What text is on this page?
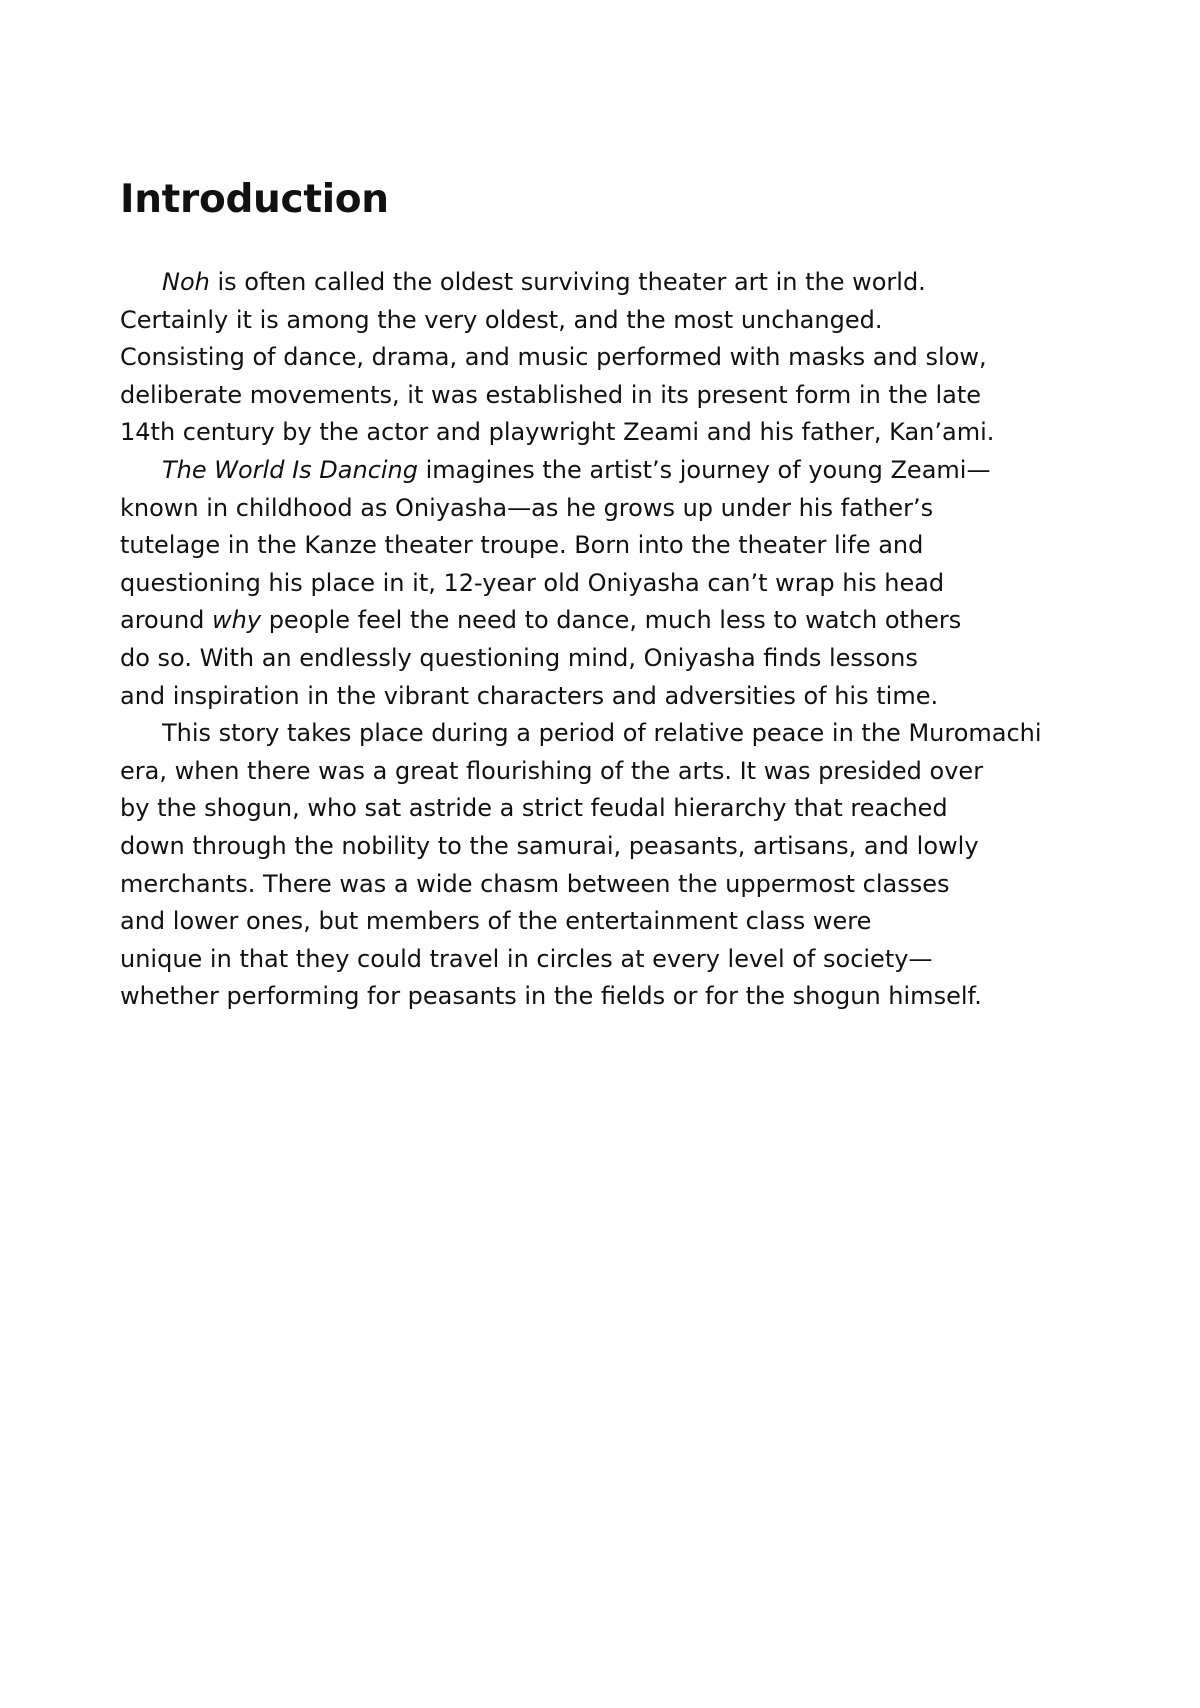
Introduction
Noh is often called the oldest surviving theater art in the world.
Certainly it is among the very oldest, and the most unchanged.
Consisting of dance, drama, and music performed with masks and slow,
deliberate movements, it was established in its present form in the late
14th century by the actor and playwright Zeami and his father, Kan’ami.
The World Is Dancing imagines the artist’s journey of young Zeami—
known in childhood as Oniyasha—as he grows up under his father’s
tutelage in the Kanze theater troupe. Born into the theater life and
questioning his place in it, 12-year old Oniyasha can’t wrap his head
around why people feel the need to dance, much less to watch others
do so. With an endlessly questioning mind, Oniyasha finds lessons
and inspiration in the vibrant characters and adversities of his time.
This story takes place during a period of relative peace in the Muromachi
era, when there was a great flourishing of the arts. It was presided over
by the shogun, who sat astride a strict feudal hierarchy that reached
down through the nobility to the samurai, peasants, artisans, and lowly
merchants. There was a wide chasm between the uppermost classes
and lower ones, but members of the entertainment class were
unique in that they could travel in circles at every level of society—
whether performing for peasants in the fields or for the shogun himself.
